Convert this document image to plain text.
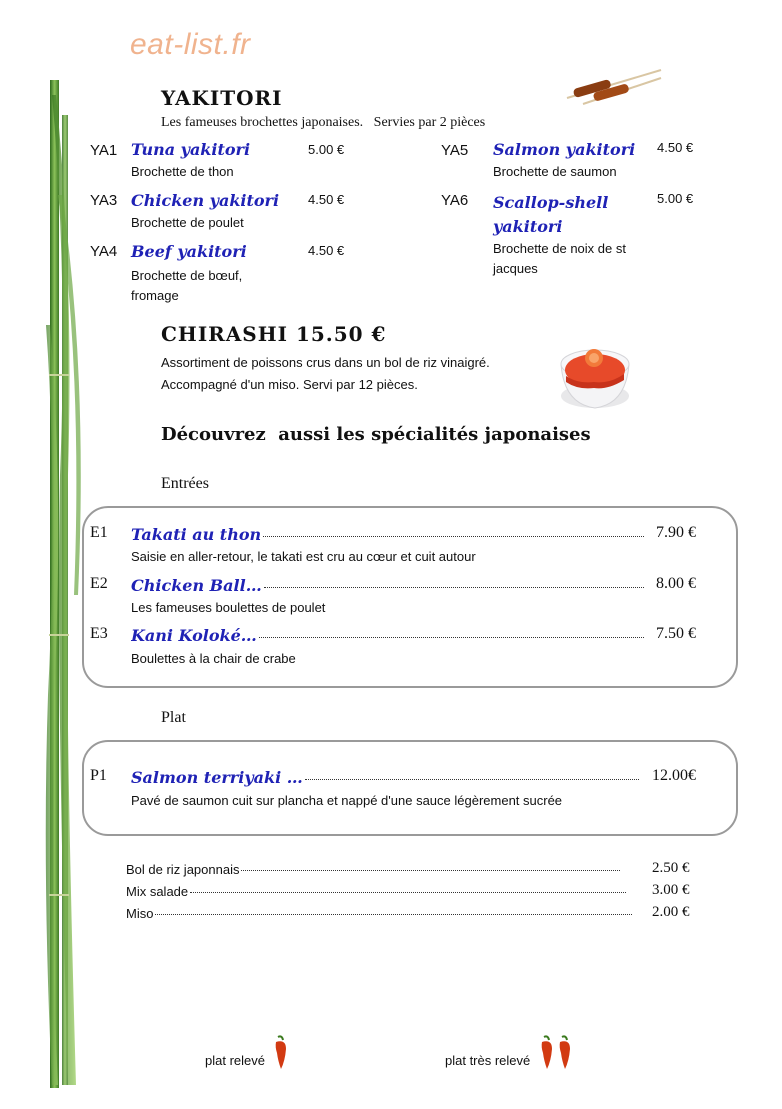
eat-list.fr
YAKITORI
Les fameuses brochettes japonaises.   Servies par 2 pièces
YA1 Tuna yakitori
Brochette de thon
5.00 €
YA3 Chicken yakitori
Brochette de poulet
4.50 €
YA4 Beef yakitori
Brochette de bœuf, fromage
4.50 €
YA5 Salmon yakitori
Brochette de saumon
4.50 €
YA6 Scallop-shell yakitori
Brochette de noix de st jacques
5.00 €
CHIRASHI 15.50 €
Assortiment de poissons crus dans un bol de riz vinaigré.
Accompagné d'un miso. Servi par 12 pièces.
Découvrez  aussi les spécialités japonaises
Entrées
E1 Takati au thon	7.90 €
Saisie en aller-retour, le takati est cru au cœur et cuit autour
E2 Chicken Ball…	8.00 €
Les fameuses boulettes de poulet
E3 Kani Koloké…	7.50 €
Boulettes à la chair de crabe
Plat
P1 Salmon terriyaki …	12.00€
Pavé de saumon cuit sur plancha et nappé d'une sauce légèrement sucrée
Bol de riz japonnais	2.50 €
Mix salade	3.00 €
Miso	2.00 €
plat relevé	plat très relevé
